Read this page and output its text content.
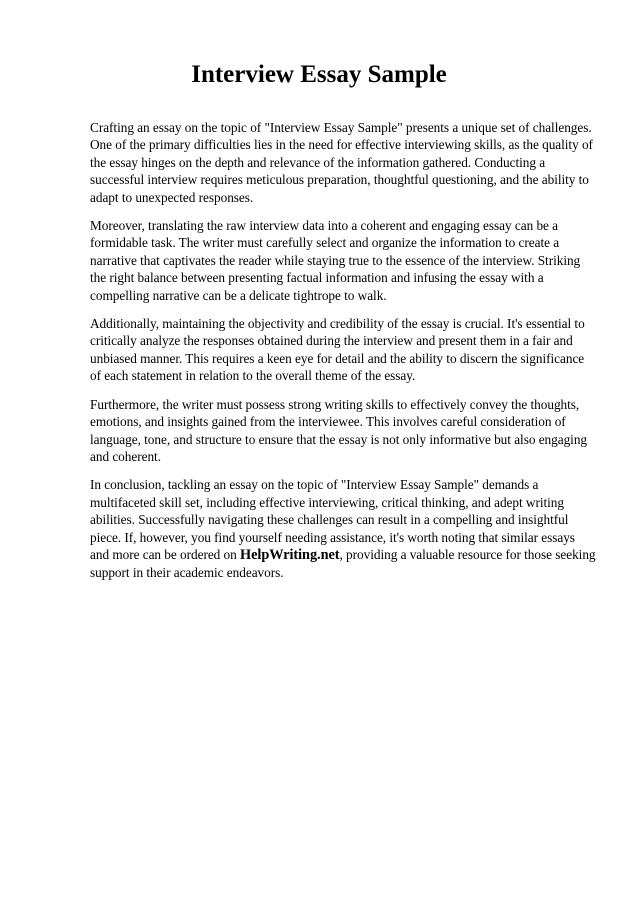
Interview Essay Sample

Crafting an essay on the topic of "Interview Essay Sample" presents a unique set of challenges. One of the primary difficulties lies in the need for effective interviewing skills, as the quality of the essay hinges on the depth and relevance of the information gathered. Conducting a successful interview requires meticulous preparation, thoughtful questioning, and the ability to adapt to unexpected responses.

Moreover, translating the raw interview data into a coherent and engaging essay can be a formidable task. The writer must carefully select and organize the information to create a narrative that captivates the reader while staying true to the essence of the interview. Striking the right balance between presenting factual information and infusing the essay with a compelling narrative can be a delicate tightrope to walk.

Additionally, maintaining the objectivity and credibility of the essay is crucial. It's essential to critically analyze the responses obtained during the interview and present them in a fair and unbiased manner. This requires a keen eye for detail and the ability to discern the significance of each statement in relation to the overall theme of the essay.

Furthermore, the writer must possess strong writing skills to effectively convey the thoughts, emotions, and insights gained from the interviewee. This involves careful consideration of language, tone, and structure to ensure that the essay is not only informative but also engaging and coherent.

In conclusion, tackling an essay on the topic of "Interview Essay Sample" demands a multifaceted skill set, including effective interviewing, critical thinking, and adept writing abilities. Successfully navigating these challenges can result in a compelling and insightful piece. If, however, you find yourself needing assistance, it's worth noting that similar essays and more can be ordered on HelpWriting.net, providing a valuable resource for those seeking support in their academic endeavors.
